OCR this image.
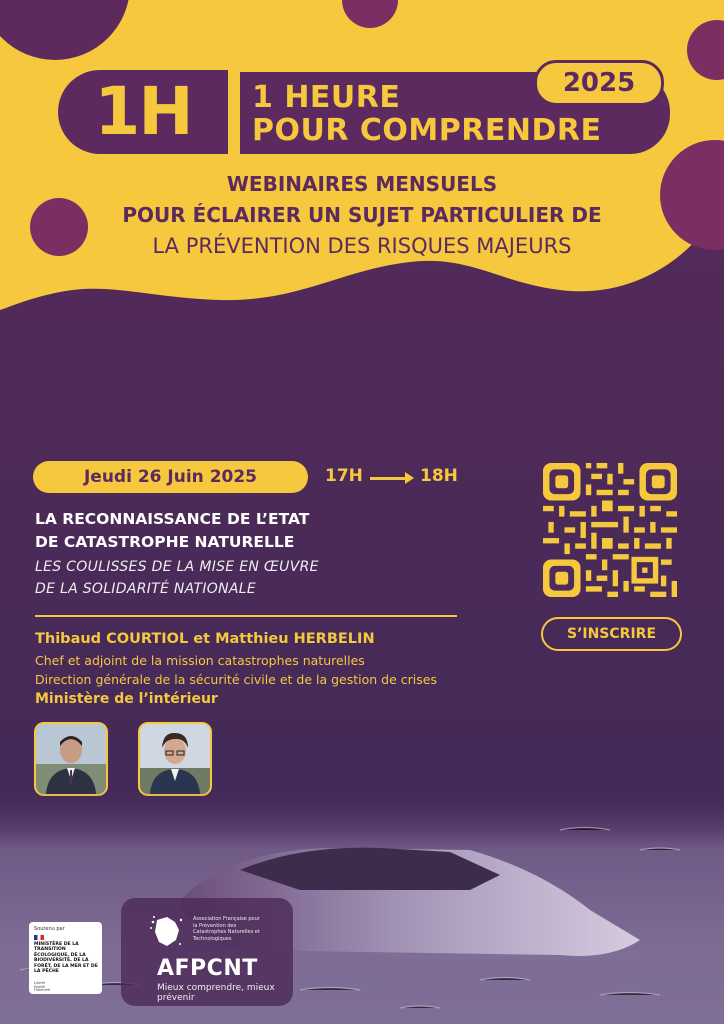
1H	1 HEURE
POUR COMPRENDRE
2025
WEBINAIRES MENSUELS
POUR ÉCLAIRER UN SUJET PARTICULIER DE
LA PRÉVENTION DES RISQUES MAJEURS
Jeudi 26 Juin 2025	17H	18H
LA RECONNAISSANCE DE L’ETAT
DE CATASTROPHE NATURELLE
LES COULISSES DE LA MISE EN ŒUVRE
DE LA SOLIDARITÉ NATIONALE
Thibaud COURTIOL et Matthieu HERBELIN
Chef et adjoint de la mission catastrophes naturelles
Direction générale de la sécurité civile et de la gestion de crises
Ministère de l’intérieur
S’INSCRIRE
Soutenu par
MINISTÈRE DE LA TRANSITION ÉCOLOGIQUE, DE LA BIODIVERSITÉ, DE LA FORÊT, DE LA MER ET DE LA PÊCHE
Liberté Égalité Fraternité
Association Française pour la Prévention des Catastrophes Naturelles et Technologiques
AFPCNT
Mieux comprendre, mieux prévenir
